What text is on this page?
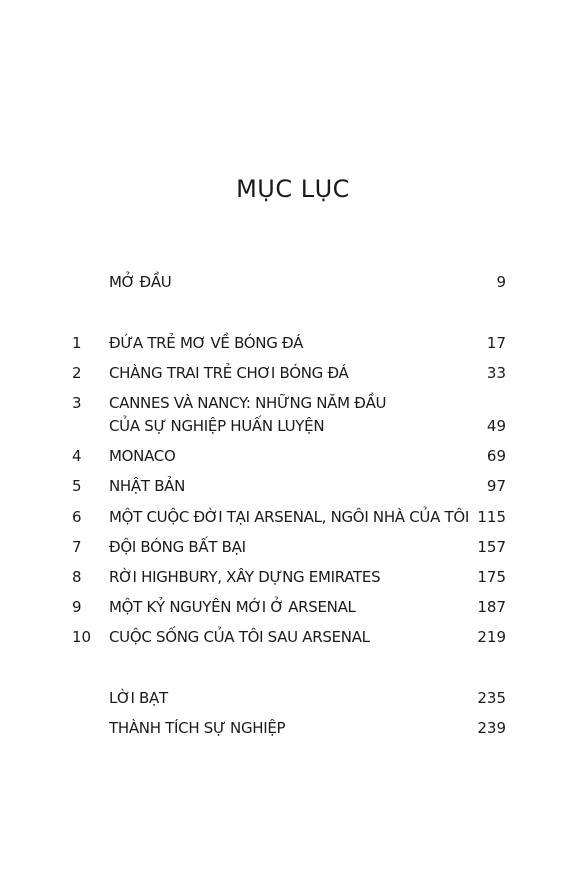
MỤC LỤC
MỞ ĐẦU	9
1 ĐỨA TRẺ MƠ VỀ BÓNG ĐÁ	17
2 CHÀNG TRAI TRẺ CHƠI BÓNG ĐÁ	33
3 CANNES VÀ NANCY: NHỮNG NĂM ĐẦU
CỦA SỰ NGHIỆP HUẤN LUYỆN	49
4 MONACO	69
5 NHẬT BẢN	97
6 MỘT CUỘC ĐỜI TẠI ARSENAL, NGÔI NHÀ CỦA TÔI 115
7 ĐỘI BÓNG BẤT BẠI	157
8 RỜI HIGHBURY, XÂY DỰNG EMIRATES	175
9 MỘT KỶ NGUYÊN MỚI Ở ARSENAL	187
10 CUỘC SỐNG CỦA TÔI SAU ARSENAL	219
LỜI BẠT	235
THÀNH TÍCH SỰ NGHIỆP	239
